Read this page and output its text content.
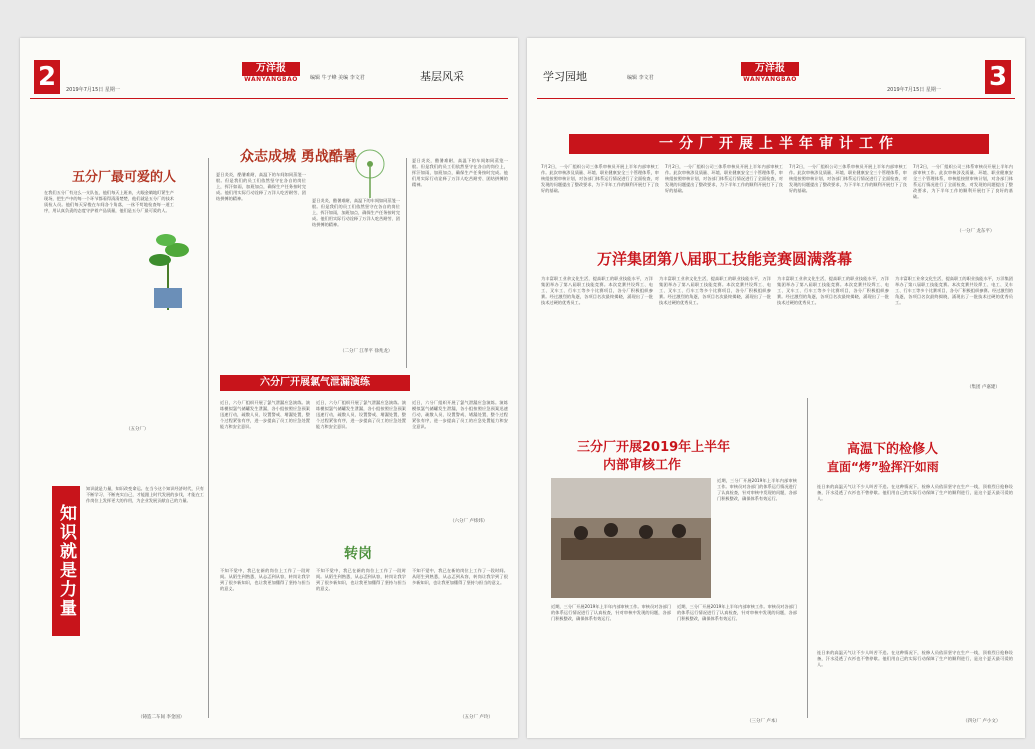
2	万洋报
WANYANGBAO
2019年7月15日 星期一
编辑 牛子峰 美编 李文君	基层风采
五分厂最可爱的人
在我们五分厂有这么一支队伍，他们每天上班来，火眼金睛地盯紧生产现场，把生产中的每一个环节都看得清清楚楚，他们就是五分厂的技术质检人员。他们每天穿梭在车间各个角落，一丝不苟地检查每一道工序，用认真负责的态度守护着产品质量，他们是五分厂最可爱的人。
（五分厂）
知识就是力量
知识就是力量，知识改变命运。在当今这个知识经济时代，只有不断学习、不断充实自己，才能跟上时代发展的步伐，才能在工作岗位上发挥更大的作用，为企业发展贡献自己的力量。
（铸造二车间 李金国）
众志成城 勇战酷暑
夏日炎炎，酷暑难耐，高温下的车间如同蒸笼一般。但是我们的员工们依然坚守在各自的岗位上，挥汗如雨，加班加点，确保生产任务按时完成。他们用实际行动诠释了万洋人吃苦耐劳、团结拼搏的精神。	夏日炎炎，酷暑难耐，高温下的车间如同蒸笼一般。但是我们的员工们依然坚守在各自的岗位上，挥汗如雨，加班加点，确保生产任务按时完成。他们用实际行动诠释了万洋人吃苦耐劳、团结拼搏的精神。
（二分厂 江孝平 徐兆龙）
夏日炎炎，酷暑难耐，高温下的车间如同蒸笼一般。但是我们的员工们依然坚守在各自的岗位上，挥汗如雨，加班加点，确保生产任务按时完成。他们用实际行动诠释了万洋人吃苦耐劳、团结拼搏的精神。
六分厂开展氯气泄漏演练
近日，六分厂组织开展了氯气泄漏应急演练。演练模拟氯气储罐发生泄漏，各小组按照应急预案迅速行动，疏散人员、设置警戒、堵漏处置，整个过程紧张有序，进一步提高了员工的应急处置能力和安全意识。
近日，六分厂组织开展了氯气泄漏应急演练。演练模拟氯气储罐发生泄漏，各小组按照应急预案迅速行动，疏散人员、设置警戒、堵漏处置，整个过程紧张有序，进一步提高了员工的应急处置能力和安全意识。
近日，六分厂组织开展了氯气泄漏应急演练。演练模拟氯气储罐发生泄漏，各小组按照应急预案迅速行动，疏散人员、设置警戒、堵漏处置，整个过程紧张有序，进一步提高了员工的应急处置能力和安全意识。
（六分厂 卢炜炜）
转岗
不知不觉中，我已在新的岗位上工作了一段时间。从陌生到熟悉，从忐忑到从容，转岗让我学到了很多新知识，也让我更加懂得了坚持与担当的意义。
不知不觉中，我已在新的岗位上工作了一段时间。从陌生到熟悉，从忐忑到从容，转岗让我学到了很多新知识，也让我更加懂得了坚持与担当的意义。
不知不觉中，我已在新的岗位上工作了一段时间。从陌生到熟悉，从忐忑到从容，转岗让我学到了很多新知识，也让我更加懂得了坚持与担当的意义。
（五分厂 卢玲）
学习园地	编辑 李文君
万洋报
WANYANGBAO
2019年7月15日 星期一 3
一分厂开展上半年审计工作
7月2日，一分厂组织公司三体系审核员开展上半年内部审核工作。此次审核涉及质量、环境、职业健康安全三个管理体系，审核组按照审核计划，对各部门体系运行情况进行了全面检查，对发现的问题提出了整改要求，为下半年工作的顺利开展打下了良好的基础。
7月2日，一分厂组织公司三体系审核员开展上半年内部审核工作。此次审核涉及质量、环境、职业健康安全三个管理体系，审核组按照审核计划，对各部门体系运行情况进行了全面检查，对发现的问题提出了整改要求，为下半年工作的顺利开展打下了良好的基础。
7月2日，一分厂组织公司三体系审核员开展上半年内部审核工作。此次审核涉及质量、环境、职业健康安全三个管理体系，审核组按照审核计划，对各部门体系运行情况进行了全面检查，对发现的问题提出了整改要求，为下半年工作的顺利开展打下了良好的基础。
7月2日，一分厂组织公司三体系审核员开展上半年内部审核工作。此次审核涉及质量、环境、职业健康安全三个管理体系，审核组按照审核计划，对各部门体系运行情况进行了全面检查，对发现的问题提出了整改要求，为下半年工作的顺利开展打下了良好的基础。
（一分厂 龙东平）
万洋集团第八届职工技能竞赛圆满落幕
为丰富职工业余文化生活，提高职工的职业技能水平，万洋集团举办了第八届职工技能竞赛。本次竞赛共设焊工、电工、叉车工、行车工等多个比赛项目，各分厂积极组织参赛。经过激烈的角逐，各项目名次最终揭晓，涌现出了一批技术过硬的优秀员工。
为丰富职工业余文化生活，提高职工的职业技能水平，万洋集团举办了第八届职工技能竞赛。本次竞赛共设焊工、电工、叉车工、行车工等多个比赛项目，各分厂积极组织参赛。经过激烈的角逐，各项目名次最终揭晓，涌现出了一批技术过硬的优秀员工。
为丰富职工业余文化生活，提高职工的职业技能水平，万洋集团举办了第八届职工技能竞赛。本次竞赛共设焊工、电工、叉车工、行车工等多个比赛项目，各分厂积极组织参赛。经过激烈的角逐，各项目名次最终揭晓，涌现出了一批技术过硬的优秀员工。
为丰富职工业余文化生活，提高职工的职业技能水平，万洋集团举办了第八届职工技能竞赛。本次竞赛共设焊工、电工、叉车工、行车工等多个比赛项目，各分厂积极组织参赛。经过激烈的角逐，各项目名次最终揭晓，涌现出了一批技术过硬的优秀员工。
（集团 卢嘉建）
三分厂开展2019年上半年
内部审核工作
近期，三分厂开展2019年上半年内部审核工作。审核员对各部门的体系运行情况进行了认真检查，针对审核中发现的问题，各部门积极整改，确保体系有效运行。
近期，三分厂开展2019年上半年内部审核工作。审核员对各部门的体系运行情况进行了认真检查，针对审核中发现的问题，各部门积极整改，确保体系有效运行。
近期，三分厂开展2019年上半年内部审核工作。审核员对各部门的体系运行情况进行了认真检查，针对审核中发现的问题，各部门积极整改，确保体系有效运行。
（三分厂 卢本）
高温下的检修人
直面“烤”验挥汗如雨
连日来的高温天气让不少人叫苦不迭。在这种情况下，检修人员依旧坚守在生产一线，顶着烈日抢修设备，汗水浸透了衣衫也不曾停歇。他们用自己的实际行动保障了生产的顺利进行，是这个夏天最可爱的人。
连日来的高温天气让不少人叫苦不迭。在这种情况下，检修人员依旧坚守在生产一线，顶着烈日抢修设备，汗水浸透了衣衫也不曾停歇。他们用自己的实际行动保障了生产的顺利进行，是这个夏天最可爱的人。
（四分厂 卢小文）
